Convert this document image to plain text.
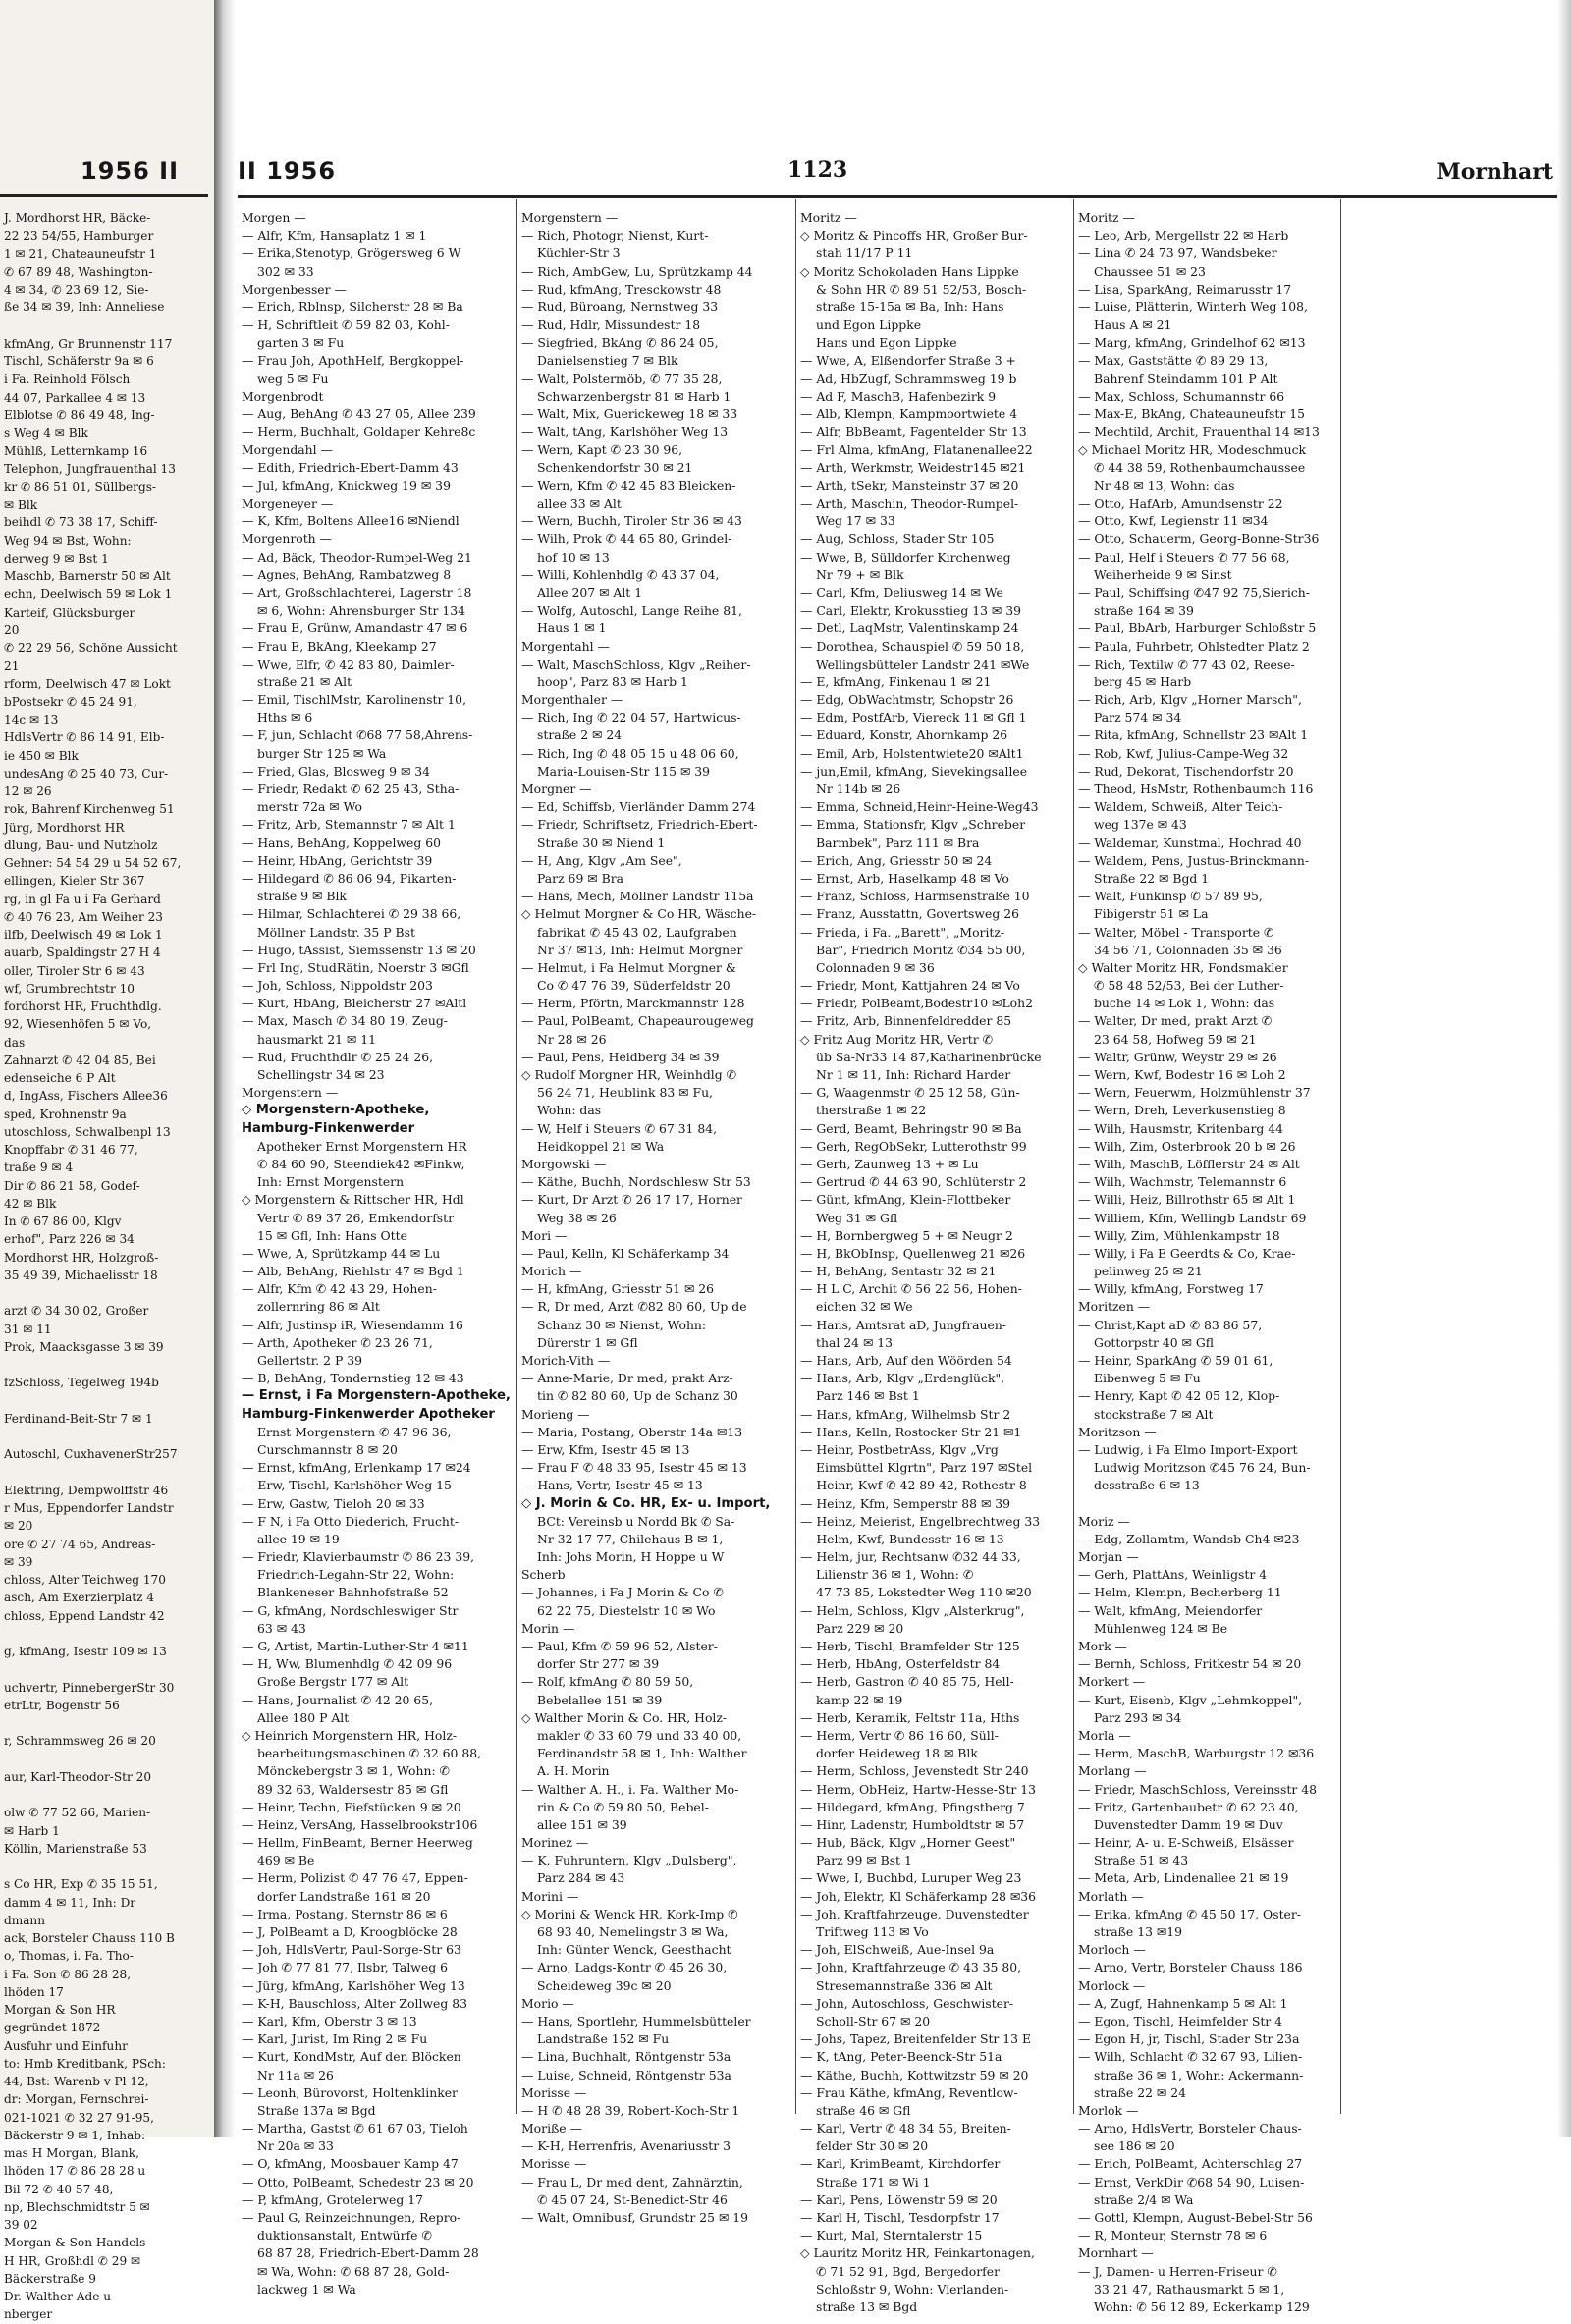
1956 II
J. Mordhorst HR, Bäcke-
22 23 54/55, Hamburger
1 ✉ 21, Chateauneufstr 1
✆ 67 89 48, Washington-
4 ✉ 34, ✆ 23 69 12, Sie-
ße 34 ✉ 39, Inh: Anneliese
kfmAng, Gr Brunnenstr 117
Tischl, Schäferstr 9a ✉ 6
i Fa. Reinhold Fölsch
44 07, Parkallee 4 ✉ 13
Elblotse ✆ 86 49 48, Ing-
s Weg 4 ✉ Blk
Mühlß, Letternkamp 16
Telephon, Jungfrauenthal 13
kr ✆ 86 51 01, Süllbergs-
✉ Blk
beihdl ✆ 73 38 17, Schiff-
Weg 94 ✉ Bst, Wohn:
derweg 9 ✉ Bst 1
Maschb, Barnerstr 50 ✉ Alt
echn, Deelwisch 59 ✉ Lok 1
Karteif, Glücksburger
20
✆ 22 29 56, Schöne Aussicht
21
rform, Deelwisch 47 ✉ Lokt
bPostsekr ✆ 45 24 91,
14c ✉ 13
HdlsVertr ✆ 86 14 91, Elb-
ie 450 ✉ Blk
undesAng ✆ 25 40 73, Cur-
12 ✉ 26
rok, Bahrenf Kirchenweg 51
Jürg, Mordhorst HR
dlung, Bau- und Nutzholz
Gehner: 54 54 29 u 54 52 67,
ellingen, Kieler Str 367
rg, in gl Fa u i Fa Gerhard
✆ 40 76 23, Am Weiher 23
ilfb, Deelwisch 49 ✉ Lok 1
auarb, Spaldingstr 27 H 4
oller, Tiroler Str 6 ✉ 43
wf, Grumbrechtstr 10
fordhorst HR, Fruchthdlg.
92, Wiesenhöfen 5 ✉ Vo,
das
Zahnarzt ✆ 42 04 85, Bei
edenseiche 6 P Alt
d, IngAss, Fischers Allee36
sped, Krohnenstr 9a
utoschloss, Schwalbenpl 13
Knopffabr ✆ 31 46 77,
traße 9 ✉ 4
Dir ✆ 86 21 58, Godef-
42 ✉ Blk
In ✆ 67 86 00, Klgv
erhof", Parz 226 ✉ 34
Mordhorst HR, Holzgroß-
35 49 39, Michaelisstr 18
arzt ✆ 34 30 02, Großer
31 ✉ 11
Prok, Maacksgasse 3 ✉ 39
fzSchloss, Tegelweg 194b
Ferdinand-Beit-Str 7 ✉ 1
Autoschl, CuxhavenerStr257
Elektring, Dempwolffstr 46
r Mus, Eppendorfer Landstr
✉ 20
ore ✆ 27 74 65, Andreas-
✉ 39
chloss, Alter Teichweg 170
asch, Am Exerzierplatz 4
chloss, Eppend Landstr 42
g, kfmAng, Isestr 109 ✉ 13
uchvertr, PinnebergerStr 30
etrLtr, Bogenstr 56
r, Schrammsweg 26 ✉ 20
aur, Karl-Theodor-Str 20
olw ✆ 77 52 66, Marien-
✉ Harb 1
Köllin, Marienstraße 53
s Co HR, Exp ✆ 35 15 51,
damm 4 ✉ 11, Inh: Dr
dmann
ack, Borsteler Chauss 110 B
o, Thomas, i. Fa. Tho-
i Fa. Son ✆ 86 28 28,
lhöden 17
Morgan & Son HR
gegründet 1872
Ausfuhr und Einfuhr
to: Hmb Kreditbank, PSch:
44, Bst: Warenb v Pl 12,
dr: Morgan, Fernschrei-
021-1021 ✆ 32 27 91-95,
Bäckerstr 9 ✉ 1, Inhab:
mas H Morgan, Blank,
lhöden 17 ✆ 86 28 28 u
Bil 72 ✆ 40 57 48,
np, Blechschmidtstr 5 ✉
39 02
Morgan & Son Handels-
H HR, Großhdl ✆ 29 ✉
Bäckerstraße 9
Dr. Walther Ade u
nberger
II 1956	1123	Mornhart
Morgen —
— Alfr, Kfm, Hansaplatz 1 ✉ 1
— Erika,Stenotyp, Grögersweg 6 W
302 ✉ 33
Morgenbesser —
— Erich, Rblnsp, Silcherstr 28 ✉ Ba
— H, Schriftleit ✆ 59 82 03, Kohl-
garten 3 ✉ Fu
— Frau Joh, ApothHelf, Bergkoppel-
weg 5 ✉ Fu
Morgenbrodt
— Aug, BehAng ✆ 43 27 05, Allee 239
— Herm, Buchhalt, Goldaper Kehre8c
Morgendahl —
— Edith, Friedrich-Ebert-Damm 43
— Jul, kfmAng, Knickweg 19 ✉ 39
Morgeneyer —
— K, Kfm, Boltens Allee16 ✉Niendl
Morgenroth —
— Ad, Bäck, Theodor-Rumpel-Weg 21
— Agnes, BehAng, Rambatzweg 8
— Art, Großschlachterei, Lagerstr 18
✉ 6, Wohn: Ahrensburger Str 134
— Frau E, Grünw, Amandastr 47 ✉ 6
— Frau E, BkAng, Kleekamp 27
— Wwe, Elfr, ✆ 42 83 80, Daimler-
straße 21 ✉ Alt
— Emil, TischlMstr, Karolinenstr 10,
Hths ✉ 6
— F, jun, Schlacht ✆68 77 58,Ahrens-
burger Str 125 ✉ Wa
— Fried, Glas, Blosweg 9 ✉ 34
— Friedr, Redakt ✆ 62 25 43, Stha-
merstr 72a ✉ Wo
— Fritz, Arb, Stemannstr 7 ✉ Alt 1
— Hans, BehAng, Koppelweg 60
— Heinr, HbAng, Gerichtstr 39
— Hildegard ✆ 86 06 94, Pikarten-
straße 9 ✉ Blk
— Hilmar, Schlachterei ✆ 29 38 66,
Möllner Landstr. 35 P Bst
— Hugo, tAssist, Siemssenstr 13 ✉ 20
— Frl Ing, StudRätin, Noerstr 3 ✉Gfl
— Joh, Schloss, Nippoldstr 203
— Kurt, HbAng, Bleicherstr 27 ✉Altl
— Max, Masch ✆ 34 80 19, Zeug-
hausmarkt 21 ✉ 11
— Rud, Fruchthdlr ✆ 25 24 26,
Schellingstr 34 ✉ 23
Morgenstern —
◇ Morgenstern-Apotheke,
Hamburg-Finkenwerder
Apotheker Ernst Morgenstern HR
✆ 84 60 90, Steendiek42 ✉Finkw,
Inh: Ernst Morgenstern
◇ Morgenstern & Rittscher HR, Hdl
Vertr ✆ 89 37 26, Emkendorfstr
15 ✉ Gfl, Inh: Hans Otte
— Wwe, A, Sprützkamp 44 ✉ Lu
— Alb, BehAng, Riehlstr 47 ✉ Bgd 1
— Alfr, Kfm ✆ 42 43 29, Hohen-
zollernring 86 ✉ Alt
— Alfr, Justinsp iR, Wiesendamm 16
— Arth, Apotheker ✆ 23 26 71,
Gellertstr. 2 P 39
— B, BehAng, Tondernstieg 12 ✉ 43
— Ernst, i Fa Morgenstern-Apotheke,
Hamburg-Finkenwerder Apotheker
Ernst Morgenstern ✆ 47 96 36,
Curschmannstr 8 ✉ 20
— Ernst, kfmAng, Erlenkamp 17 ✉24
— Erw, Tischl, Karlshöher Weg 15
— Erw, Gastw, Tieloh 20 ✉ 33
— F N, i Fa Otto Diederich, Frucht-
allee 19 ✉ 19
— Friedr, Klavierbaumstr ✆ 86 23 39,
Friedrich-Legahn-Str 22, Wohn:
Blankeneser Bahnhofstraße 52
— G, kfmAng, Nordschleswiger Str
63 ✉ 43
— G, Artist, Martin-Luther-Str 4 ✉11
— H, Ww, Blumenhdlg ✆ 42 09 96
Große Bergstr 177 ✉ Alt
— Hans, Journalist ✆ 42 20 65,
Allee 180 P Alt
◇ Heinrich Morgenstern HR, Holz-
bearbeitungsmaschinen ✆ 32 60 88,
Mönckebergstr 3 ✉ 1, Wohn: ✆
89 32 63, Waldersestr 85 ✉ Gfl
— Heinr, Techn, Fiefstücken 9 ✉ 20
— Heinz, VersAng, Hasselbrookstr106
— Hellm, FinBeamt, Berner Heerweg
469 ✉ Be
— Herm, Polizist ✆ 47 76 47, Eppen-
dorfer Landstraße 161 ✉ 20
— Irma, Postang, Sternstr 86 ✉ 6
— J, PolBeamt a D, Kroogblöcke 28
— Joh, HdlsVertr, Paul-Sorge-Str 63
— Joh ✆ 77 81 77, Ilsbr, Talweg 6
— Jürg, kfmAng, Karlshöher Weg 13
— K-H, Bauschloss, Alter Zollweg 83
— Karl, Kfm, Oberstr 3 ✉ 13
— Karl, Jurist, Im Ring 2 ✉ Fu
— Kurt, KondMstr, Auf den Blöcken
Nr 11a ✉ 26
— Leonh, Bürovorst, Holtenklinker
Straße 137a ✉ Bgd
— Martha, Gastst ✆ 61 67 03, Tieloh
Nr 20a ✉ 33
— O, kfmAng, Moosbauer Kamp 47
— Otto, PolBeamt, Schedestr 23 ✉ 20
— P, kfmAng, Grotelerweg 17
— Paul G, Reinzeichnungen, Repro-
duktionsanstalt, Entwürfe ✆
68 87 28, Friedrich-Ebert-Damm 28
✉ Wa, Wohn: ✆ 68 87 28, Gold-
lackweg 1 ✉ Wa
Morgenstern —
— Rich, Photogr, Nienst, Kurt-
Küchler-Str 3
— Rich, AmbGew, Lu, Sprützkamp 44
— Rud, kfmAng, Tresckowstr 48
— Rud, Büroang, Nernstweg 33
— Rud, Hdlr, Missundestr 18
— Siegfried, BkAng ✆ 86 24 05,
Danielsenstieg 7 ✉ Blk
— Walt, Polstermöb, ✆ 77 35 28,
Schwarzenbergstr 81 ✉ Harb 1
— Walt, Mix, Guerickeweg 18 ✉ 33
— Walt, tAng, Karlshöher Weg 13
— Wern, Kapt ✆ 23 30 96,
Schenkendorfstr 30 ✉ 21
— Wern, Kfm ✆ 42 45 83 Bleicken-
allee 33 ✉ Alt
— Wern, Buchh, Tiroler Str 36 ✉ 43
— Wilh, Prok ✆ 44 65 80, Grindel-
hof 10 ✉ 13
— Willi, Kohlenhdlg ✆ 43 37 04,
Allee 207 ✉ Alt 1
— Wolfg, Autoschl, Lange Reihe 81,
Haus 1 ✉ 1
Morgentahl —
— Walt, MaschSchloss, Klgv „Reiher-
hoop", Parz 83 ✉ Harb 1
Morgenthaler —
— Rich, Ing ✆ 22 04 57, Hartwicus-
straße 2 ✉ 24
— Rich, Ing ✆ 48 05 15 u 48 06 60,
Maria-Louisen-Str 115 ✉ 39
Morgner —
— Ed, Schiffsb, Vierländer Damm 274
— Friedr, Schriftsetz, Friedrich-Ebert-
Straße 30 ✉ Niend 1
— H, Ang, Klgv „Am See",
Parz 69 ✉ Bra
— Hans, Mech, Möllner Landstr 115a
◇ Helmut Morgner & Co HR, Wäsche-
fabrikat ✆ 45 43 02, Laufgraben
Nr 37 ✉13, Inh: Helmut Morgner
— Helmut, i Fa Helmut Morgner &
Co ✆ 47 76 39, Süderfeldstr 20
— Herm, Pförtn, Marckmannstr 128
— Paul, PolBeamt, Chapeaurougeweg
Nr 28 ✉ 26
— Paul, Pens, Heidberg 34 ✉ 39
◇ Rudolf Morgner HR, Weinhdlg ✆
56 24 71, Heublink 83 ✉ Fu,
Wohn: das
— W, Helf i Steuers ✆ 67 31 84,
Heidkoppel 21 ✉ Wa
Morgowski —
— Käthe, Buchh, Nordschlesw Str 53
— Kurt, Dr Arzt ✆ 26 17 17, Horner
Weg 38 ✉ 26
Mori —
— Paul, Kelln, Kl Schäferkamp 34
Morich —
— H, kfmAng, Griesstr 51 ✉ 26
— R, Dr med, Arzt ✆82 80 60, Up de
Schanz 30 ✉ Nienst, Wohn:
Dürerstr 1 ✉ Gfl
Morich-Vith —
— Anne-Marie, Dr med, prakt Arz-
tin ✆ 82 80 60, Up de Schanz 30
Morieng —
— Maria, Postang, Oberstr 14a ✉13
— Erw, Kfm, Isestr 45 ✉ 13
— Frau F ✆ 48 33 95, Isestr 45 ✉ 13
— Hans, Vertr, Isestr 45 ✉ 13
◇ J. Morin & Co. HR, Ex- u. Import,
BCt: Vereinsb u Nordd Bk ✆ Sa-
Nr 32 17 77, Chilehaus B ✉ 1,
Inh: Johs Morin, H Hoppe u W
Scherb
— Johannes, i Fa J Morin & Co ✆
62 22 75, Diestelstr 10 ✉ Wo
Morin —
— Paul, Kfm ✆ 59 96 52, Alster-
dorfer Str 277 ✉ 39
— Rolf, kfmAng ✆ 80 59 50,
Bebelallee 151 ✉ 39
◇ Walther Morin & Co. HR, Holz-
makler ✆ 33 60 79 und 33 40 00,
Ferdinandstr 58 ✉ 1, Inh: Walther
A. H. Morin
— Walther A. H., i. Fa. Walther Mo-
rin & Co ✆ 59 80 50, Bebel-
allee 151 ✉ 39
Morinez —
— K, Fuhruntern, Klgv „Dulsberg",
Parz 284 ✉ 43
Morini —
◇ Morini & Wenck HR, Kork-Imp ✆
68 93 40, Nemelingstr 3 ✉ Wa,
Inh: Günter Wenck, Geesthacht
— Arno, Ladgs-Kontr ✆ 45 26 30,
Scheideweg 39c ✉ 20
Morio —
— Hans, Sportlehr, Hummelsbütteler
Landstraße 152 ✉ Fu
— Lina, Buchhalt, Röntgenstr 53a
— Luise, Schneid, Röntgenstr 53a
Morisse —
— H ✆ 48 28 39, Robert-Koch-Str 1
Moriße —
— K-H, Herrenfris, Avenariusstr 3
Morisse —
— Frau L, Dr med dent, Zahnärztin,
✆ 45 07 24, St-Benedict-Str 46
— Walt, Omnibusf, Grundstr 25 ✉ 19
Moritz —
◇ Moritz & Pincoffs HR, Großer Bur-
stah 11/17 P 11
◇ Moritz Schokoladen Hans Lippke
& Sohn HR ✆ 89 51 52/53, Bosch-
straße 15-15a ✉ Ba, Inh: Hans
und Egon Lippke
Hans und Egon Lippke
— Wwe, A, Elßendorfer Straße 3 +
— Ad, HbZugf, Schrammsweg 19 b
— Ad F, MaschB, Hafenbezirk 9
— Alb, Klempn, Kampmoortwiete 4
— Alfr, BbBeamt, Fagentelder Str 13
— Frl Alma, kfmAng, Flatanenallee22
— Arth, Werkmstr, Weidestr145 ✉21
— Arth, tSekr, Mansteinstr 37 ✉ 20
— Arth, Maschin, Theodor-Rumpel-
Weg 17 ✉ 33
— Aug, Schloss, Stader Str 105
— Wwe, B, Sülldorfer Kirchenweg
Nr 79 + ✉ Blk
— Carl, Kfm, Deliusweg 14 ✉ We
— Carl, Elektr, Krokusstieg 13 ✉ 39
— Detl, LaqMstr, Valentinskamp 24
— Dorothea, Schauspiel ✆ 59 50 18,
Wellingsbütteler Landstr 241 ✉We
— E, kfmAng, Finkenau 1 ✉ 21
— Edg, ObWachtmstr, Schopstr 26
— Edm, PostfArb, Viereck 11 ✉ Gfl 1
— Eduard, Konstr, Ahornkamp 26
— Emil, Arb, Holstentwiete20 ✉Alt1
— jun,Emil, kfmAng, Sievekingsallee
Nr 114b ✉ 26
— Emma, Schneid,Heinr-Heine-Weg43
— Emma, Stationsfr, Klgv „Schreber
Barmbek", Parz 111 ✉ Bra
— Erich, Ang, Griesstr 50 ✉ 24
— Ernst, Arb, Haselkamp 48 ✉ Vo
— Franz, Schloss, Harmsenstraße 10
— Franz, Ausstattn, Govertsweg 26
— Frieda, i Fa. „Barett", „Moritz-
Bar", Friedrich Moritz ✆34 55 00,
Colonnaden 9 ✉ 36
— Friedr, Mont, Kattjahren 24 ✉ Vo
— Friedr, PolBeamt,Bodestr10 ✉Loh2
— Fritz, Arb, Binnenfeldredder 85
◇ Fritz Aug Moritz HR, Vertr ✆
üb Sa-Nr33 14 87,Katharinenbrücke
Nr 1 ✉ 11, Inh: Richard Harder
— G, Waagenmstr ✆ 25 12 58, Gün-
therstraße 1 ✉ 22
— Gerd, Beamt, Behringstr 90 ✉ Ba
— Gerh, RegObSekr, Lutterothstr 99
— Gerh, Zaunweg 13 + ✉ Lu
— Gertrud ✆ 44 63 90, Schlüterstr 2
— Günt, kfmAng, Klein-Flottbeker
Weg 31 ✉ Gfl
— H, Bornbergweg 5 + ✉ Neugr 2
— H, BkObInsp, Quellenweg 21 ✉26
— H, BehAng, Sentastr 32 ✉ 21
— H L C, Archit ✆ 56 22 56, Hohen-
eichen 32 ✉ We
— Hans, Amtsrat aD, Jungfrauen-
thal 24 ✉ 13
— Hans, Arb, Auf den Wöörden 54
— Hans, Arb, Klgv „Erdenglück",
Parz 146 ✉ Bst 1
— Hans, kfmAng, Wilhelmsb Str 2
— Hans, Kelln, Rostocker Str 21 ✉1
— Heinr, PostbetrAss, Klgv „Vrg
Eimsbüttel Klgrtn", Parz 197 ✉Stel
— Heinr, Kwf ✆ 42 89 42, Rothestr 8
— Heinz, Kfm, Semperstr 88 ✉ 39
— Heinz, Meierist, Engelbrechtweg 33
— Helm, Kwf, Bundesstr 16 ✉ 13
— Helm, jur, Rechtsanw ✆32 44 33,
Lilienstr 36 ✉ 1, Wohn: ✆
47 73 85, Lokstedter Weg 110 ✉20
— Helm, Schloss, Klgv „Alsterkrug",
Parz 229 ✉ 20
— Herb, Tischl, Bramfelder Str 125
— Herb, HbAng, Osterfeldstr 84
— Herb, Gastron ✆ 40 85 75, Hell-
kamp 22 ✉ 19
— Herb, Keramik, Feltstr 11a, Hths
— Herm, Vertr ✆ 86 16 60, Süll-
dorfer Heideweg 18 ✉ Blk
— Herm, Schloss, Jevenstedt Str 240
— Herm, ObHeiz, Hartw-Hesse-Str 13
— Hildegard, kfmAng, Pfingstberg 7
— Hinr, Ladenstr, Humboldtstr ✉ 57
— Hub, Bäck, Klgv „Horner Geest"
Parz 99 ✉ Bst 1
— Wwe, I, Buchbd, Luruper Weg 23
— Joh, Elektr, Kl Schäferkamp 28 ✉36
— Joh, Kraftfahrzeuge, Duvenstedter
Triftweg 113 ✉ Vo
— Joh, ElSchweiß, Aue-Insel 9a
— John, Kraftfahrzeuge ✆ 43 35 80,
Stresemannstraße 336 ✉ Alt
— John, Autoschloss, Geschwister-
Scholl-Str 67 ✉ 20
— Johs, Tapez, Breitenfelder Str 13 E
— K, tAng, Peter-Beenck-Str 51a
— Käthe, Buchh, Kottwitzstr 59 ✉ 20
— Frau Käthe, kfmAng, Reventlow-
straße 46 ✉ Gfl
— Karl, Vertr ✆ 48 34 55, Breiten-
felder Str 30 ✉ 20
— Karl, KrimBeamt, Kirchdorfer
Straße 171 ✉ Wi 1
— Karl, Pens, Löwenstr 59 ✉ 20
— Karl H, Tischl, Tesdorpfstr 17
— Kurt, Mal, Sterntalerstr 15
◇ Lauritz Moritz HR, Feinkartonagen,
✆ 71 52 91, Bgd, Bergedorfer
Schloßstr 9, Wohn: Vierlanden-
straße 13 ✉ Bgd
Moritz —
— Leo, Arb, Mergellstr 22 ✉ Harb
— Lina ✆ 24 73 97, Wandsbeker
Chaussee 51 ✉ 23
— Lisa, SparkAng, Reimarusstr 17
— Luise, Plätterin, Winterh Weg 108,
Haus A ✉ 21
— Marg, kfmAng, Grindelhof 62 ✉13
— Max, Gaststätte ✆ 89 29 13,
Bahrenf Steindamm 101 P Alt
— Max, Schloss, Schumannstr 66
— Max-E, BkAng, Chateauneufstr 15
— Mechtild, Archit, Frauenthal 14 ✉13
◇ Michael Moritz HR, Modeschmuck
✆ 44 38 59, Rothenbaumchaussee
Nr 48 ✉ 13, Wohn: das
— Otto, HafArb, Amundsenstr 22
— Otto, Kwf, Legienstr 11 ✉34
— Otto, Schauerm, Georg-Bonne-Str36
— Paul, Helf i Steuers ✆ 77 56 68,
Weiherheide 9 ✉ Sinst
— Paul, Schiffsing ✆47 92 75,Sierich-
straße 164 ✉ 39
— Paul, BbArb, Harburger Schloßstr 5
— Paula, Fuhrbetr, Ohlstedter Platz 2
— Rich, Textilw ✆ 77 43 02, Reese-
berg 45 ✉ Harb
— Rich, Arb, Klgv „Horner Marsch",
Parz 574 ✉ 34
— Rita, kfmAng, Schnellstr 23 ✉Alt 1
— Rob, Kwf, Julius-Campe-Weg 32
— Rud, Dekorat, Tischendorfstr 20
— Theod, HsMstr, Rothenbaumch 116
— Waldem, Schweiß, Alter Teich-
weg 137e ✉ 43
— Waldemar, Kunstmal, Hochrad 40
— Waldem, Pens, Justus-Brinckmann-
Straße 22 ✉ Bgd 1
— Walt, Funkinsp ✆ 57 89 95,
Fibigerstr 51 ✉ La
— Walter, Möbel - Transporte ✆
34 56 71, Colonnaden 35 ✉ 36
◇ Walter Moritz HR, Fondsmakler
✆ 58 48 52/53, Bei der Luther-
buche 14 ✉ Lok 1, Wohn: das
— Walter, Dr med, prakt Arzt ✆
23 64 58, Hofweg 59 ✉ 21
— Waltr, Grünw, Weystr 29 ✉ 26
— Wern, Kwf, Bodestr 16 ✉ Loh 2
— Wern, Feuerwm, Holzmühlenstr 37
— Wern, Dreh, Leverkusenstieg 8
— Wilh, Hausmstr, Kritenbarg 44
— Wilh, Zim, Osterbrook 20 b ✉ 26
— Wilh, MaschB, Löfflerstr 24 ✉ Alt
— Wilh, Wachmstr, Telemannstr 6
— Willi, Heiz, Billrothstr 65 ✉ Alt 1
— Williem, Kfm, Wellingb Landstr 69
— Willy, Zim, Mühlenkampstr 18
— Willy, i Fa E Geerdts & Co, Krae-
pelinweg 25 ✉ 21
— Willy, kfmAng, Forstweg 17
Moritzen —
— Christ,Kapt aD ✆ 83 86 57,
Gottorpstr 40 ✉ Gfl
— Heinr, SparkAng ✆ 59 01 61,
Eibenweg 5 ✉ Fu
— Henry, Kapt ✆ 42 05 12, Klop-
stockstraße 7 ✉ Alt
Moritzson —
— Ludwig, i Fa Elmo Import-Export
Ludwig Moritzson ✆45 76 24, Bun-
desstraße 6 ✉ 13
Moriz —
— Edg, Zollamtm, Wandsb Ch4 ✉23
Morjan —
— Gerh, PlattAns, Weinligstr 4
— Helm, Klempn, Becherberg 11
— Walt, kfmAng, Meiendorfer
Mühlenweg 124 ✉ Be
Mork —
— Bernh, Schloss, Fritkestr 54 ✉ 20
Morkert —
— Kurt, Eisenb, Klgv „Lehmkoppel",
Parz 293 ✉ 34
Morla —
— Herm, MaschB, Warburgstr 12 ✉36
Morlang —
— Friedr, MaschSchloss, Vereinsstr 48
— Fritz, Gartenbaubetr ✆ 62 23 40,
Duvenstedter Damm 19 ✉ Duv
— Heinr, A- u. E-Schweiß, Elsässer
Straße 51 ✉ 43
— Meta, Arb, Lindenallee 21 ✉ 19
Morlath —
— Erika, kfmAng ✆ 45 50 17, Oster-
straße 13 ✉19
Morloch —
— Arno, Vertr, Borsteler Chauss 186
Morlock —
— A, Zugf, Hahnenkamp 5 ✉ Alt 1
— Egon, Tischl, Heimfelder Str 4
— Egon H, jr, Tischl, Stader Str 23a
— Wilh, Schlacht ✆ 32 67 93, Lilien-
straße 36 ✉ 1, Wohn: Ackermann-
straße 22 ✉ 24
Morlok —
— Arno, HdlsVertr, Borsteler Chaus-
see 186 ✉ 20
— Erich, PolBeamt, Achterschlag 27
— Ernst, VerkDir ✆68 54 90, Luisen-
straße 2/4 ✉ Wa
— Gottl, Klempn, August-Bebel-Str 56
— R, Monteur, Sternstr 78 ✉ 6
Mornhart —
— J, Damen- u Herren-Friseur ✆
33 21 47, Rathausmarkt 5 ✉ 1,
Wohn: ✆ 56 12 89, Eckerkamp 129
